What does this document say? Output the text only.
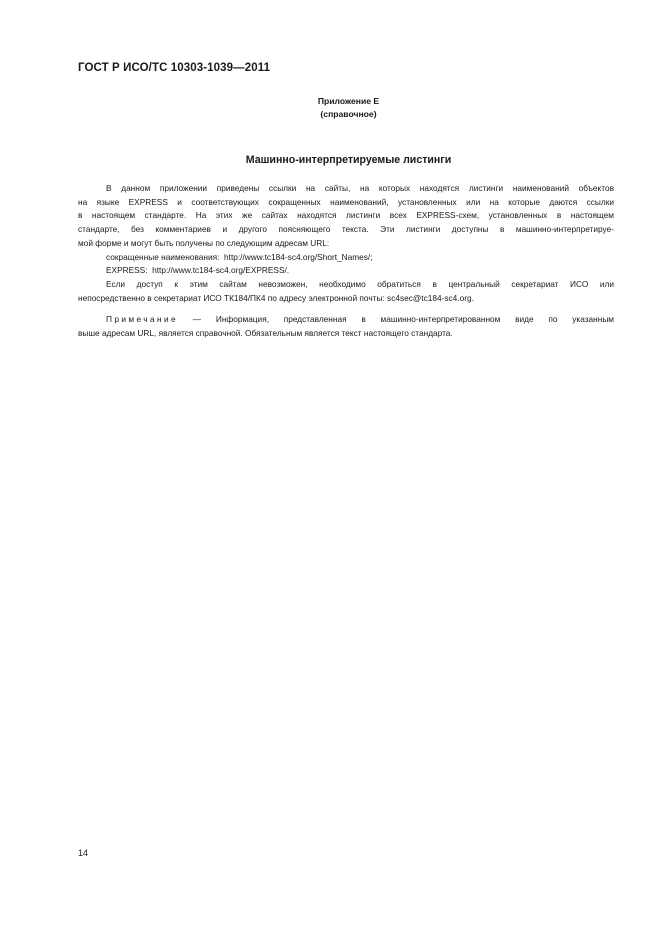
ГОСТ Р ИСО/ТС 10303-1039—2011
Приложение Е
(справочное)
Машинно-интерпретируемые листинги

В данном приложении приведены ссылки на сайты, на которых находятся листинги наименований объектов
на языке EXPRESS и соответствующих сокращенных наименований, установленных или на которые даются ссылки
в настоящем стандарте. На этих же сайтах находятся листинги всех EXPRESS-схем, установленных в настоящем
стандарте, без комментариев и другого поясняющего текста. Эти листинги доступны в машинно-интерпретируе-
мой форме и могут быть получены по следующим адресам URL:

сокращенные наименования: http://www.tc184-sc4.org/Short_Names/;

EXPRESS: http://www.tc184-sc4.org/EXPRESS/.

Если доступ к этим сайтам невозможен, необходимо обратиться в центральный секретариат ИСО или
непосредственно в секретариат ИСО ТК184/ПК4 по адресу электронной почты: sc4sec@tc184-sc4.org.

Примечание — Информация, представленная в машинно-интерпретированном виде по указанным
выше адресам URL, является справочной. Обязательным является текст настоящего стандарта.

14
